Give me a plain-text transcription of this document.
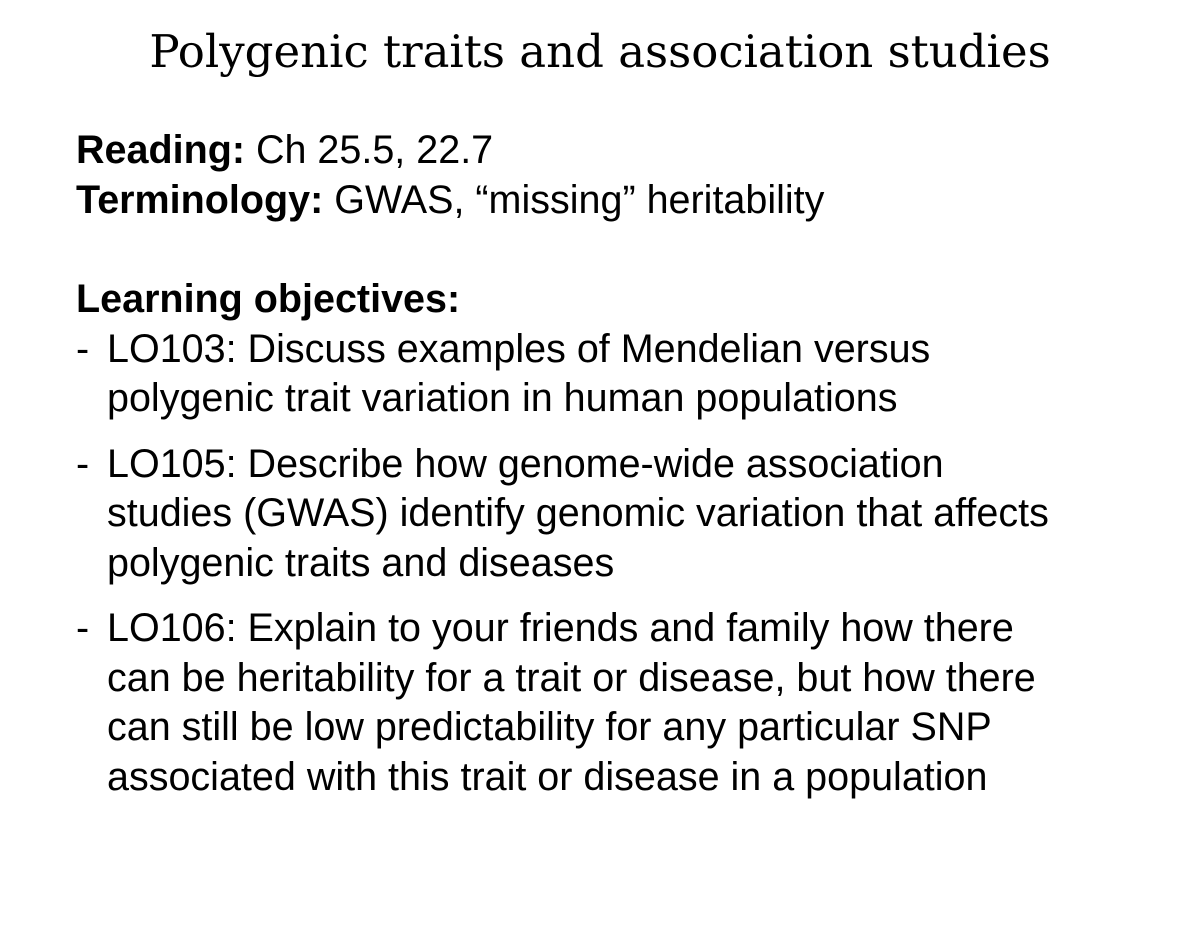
Polygenic traits and association studies
Reading: Ch 25.5, 22.7
Terminology: GWAS, “missing” heritability
Learning objectives:
- LO103: Discuss examples of Mendelian versus
polygenic trait variation in human populations
- LO105: Describe how genome-wide association
studies (GWAS) identify genomic variation that affects
polygenic traits and diseases
- LO106: Explain to your friends and family how there
can be heritability for a trait or disease, but how there
can still be low predictability for any particular SNP
associated with this trait or disease in a population
